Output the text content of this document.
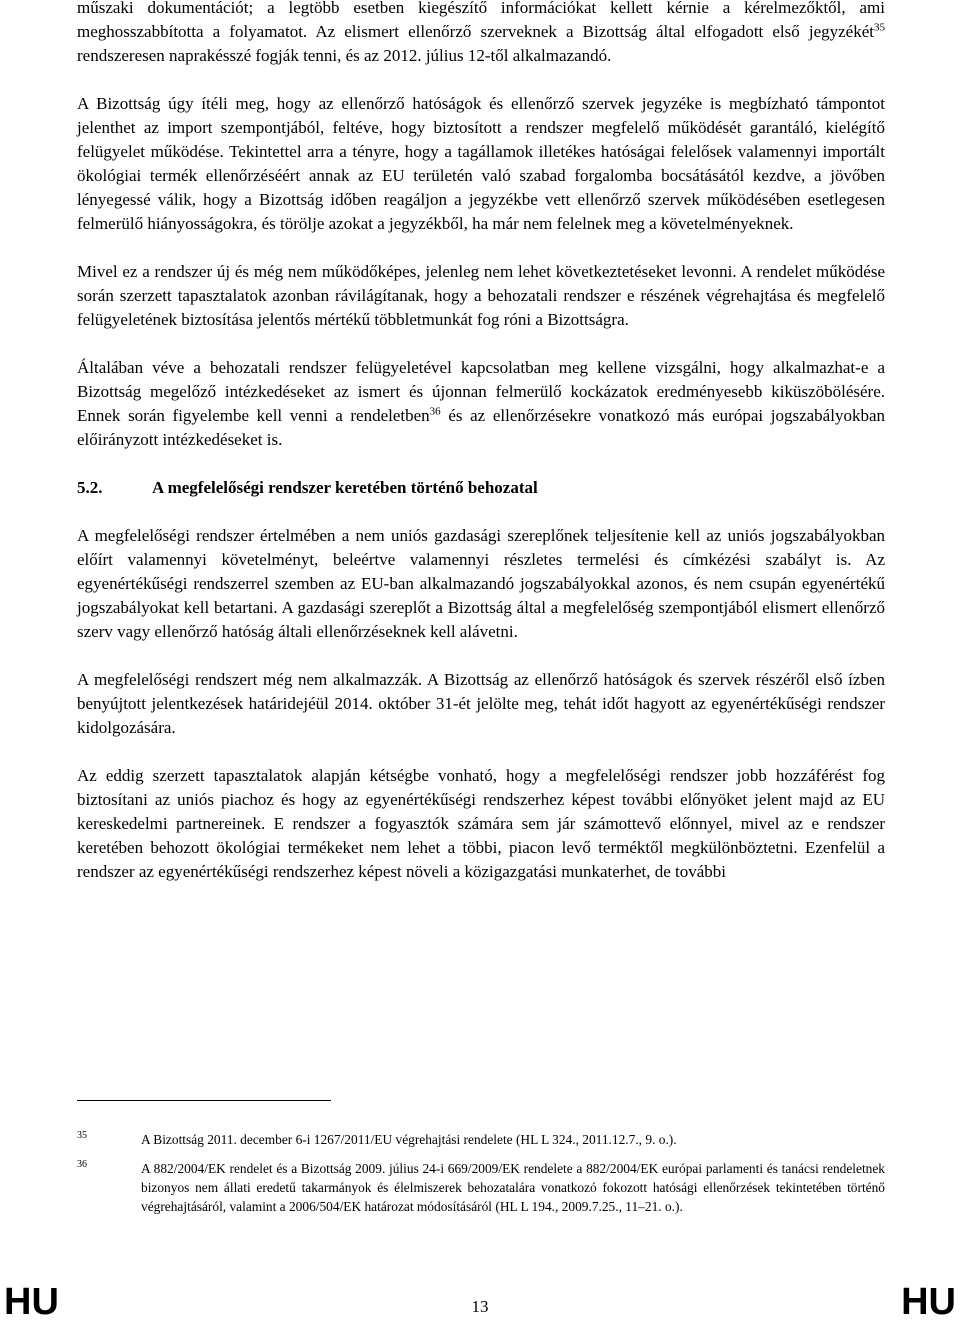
műszaki dokumentációt; a legtöbb esetben kiegészítő információkat kellett kérnie a kérelmezőktől, ami meghosszabbította a folyamatot. Az elismert ellenőrző szerveknek a Bizottság által elfogadott első jegyzékét$^{35}$ rendszeresen naprakésszé fogják tenni, és az 2012. július 12-től alkalmazandó.

A Bizottság úgy ítéli meg, hogy az ellenőrző hatóságok és ellenőrző szervek jegyzéke is megbízható támpontot jelenthet az import szempontjából, feltéve, hogy biztosított a rendszer megfelelő működését garantáló, kielégítő felügyelet működése. Tekintettel arra a tényre, hogy a tagállamok illetékes hatóságai felelősek valamennyi importált ökológiai termék ellenőrzéséért annak az EU területén való szabad forgalomba bocsátásától kezdve, a jövőben lényegessé válik, hogy a Bizottság időben reagáljon a jegyzékbe vett ellenőrző szervek működésében esetlegesen felmerülő hiányosságokra, és törölje azokat a jegyzékből, ha már nem felelnek meg a követelményeknek.

Mivel ez a rendszer új és még nem működőképes, jelenleg nem lehet következtetéseket levonni. A rendelet működése során szerzett tapasztalatok azonban rávilágítanak, hogy a behozatali rendszer e részének végrehajtása és megfelelő felügyeletének biztosítása jelentős mértékű többletmunkát fog róni a Bizottságra.

Általában véve a behozatali rendszer felügyeletével kapcsolatban meg kellene vizsgálni, hogy alkalmazhat-e a Bizottság megelőző intézkedéseket az ismert és újonnan felmerülő kockázatok eredményesebb kiküszöbölésére. Ennek során figyelembe kell venni a rendeletben$^{36}$ és az ellenőrzésekre vonatkozó más európai jogszabályokban előirányzott intézkedéseket is.

5.2.	A megfelelőségi rendszer keretében történő behozatal

A megfelelőségi rendszer értelmében a nem uniós gazdasági szereplőnek teljesítenie kell az uniós jogszabályokban előírt valamennyi követelményt, beleértve valamennyi részletes termelési és címkézési szabályt is. Az egyenértékűségi rendszerrel szemben az EU-ban alkalmazandó jogszabályokkal azonos, és nem csupán egyenértékű jogszabályokat kell betartani. A gazdasági szereplőt a Bizottság által a megfelelőség szempontjából elismert ellenőrző szerv vagy ellenőrző hatóság általi ellenőrzéseknek kell alávetni.

A megfelelőségi rendszert még nem alkalmazzák. A Bizottság az ellenőrző hatóságok és szervek részéről első ízben benyújtott jelentkezések határidejéül 2014. október 31-ét jelölte meg, tehát időt hagyott az egyenértékűségi rendszer kidolgozására.

Az eddig szerzett tapasztalatok alapján kétségbe vonható, hogy a megfelelőségi rendszer jobb hozzáférést fog biztosítani az uniós piachoz és hogy az egyenértékűségi rendszerhez képest további előnyöket jelent majd az EU kereskedelmi partnereinek. E rendszer a fogyasztók számára sem jár számottevő előnnyel, mivel az e rendszer keretében behozott ökológiai termékeket nem lehet a többi, piacon levő terméktől megkülönböztetni. Ezenfelül a rendszer az egyenértékűségi rendszerhez képest növeli a közigazgatási munkaterhet, de további

35	A Bizottság 2011. december 6-i 1267/2011/EU végrehajtási rendelete (HL L 324., 2011.12.7., 9. o.).
36	A 882/2004/EK rendelet és a Bizottság 2009. július 24-i 669/2009/EK rendelete a 882/2004/EK európai parlamenti és tanácsi rendeletnek bizonyos nem állati eredetű takarmányok és élelmiszerek behozatalára vonatkozó fokozott hatósági ellenőrzések tekintetében történő végrehajtásáról, valamint a 2006/504/EK határozat módosításáról (HL L 194., 2009.7.25., 11–21. o.).
HU	13	HU
